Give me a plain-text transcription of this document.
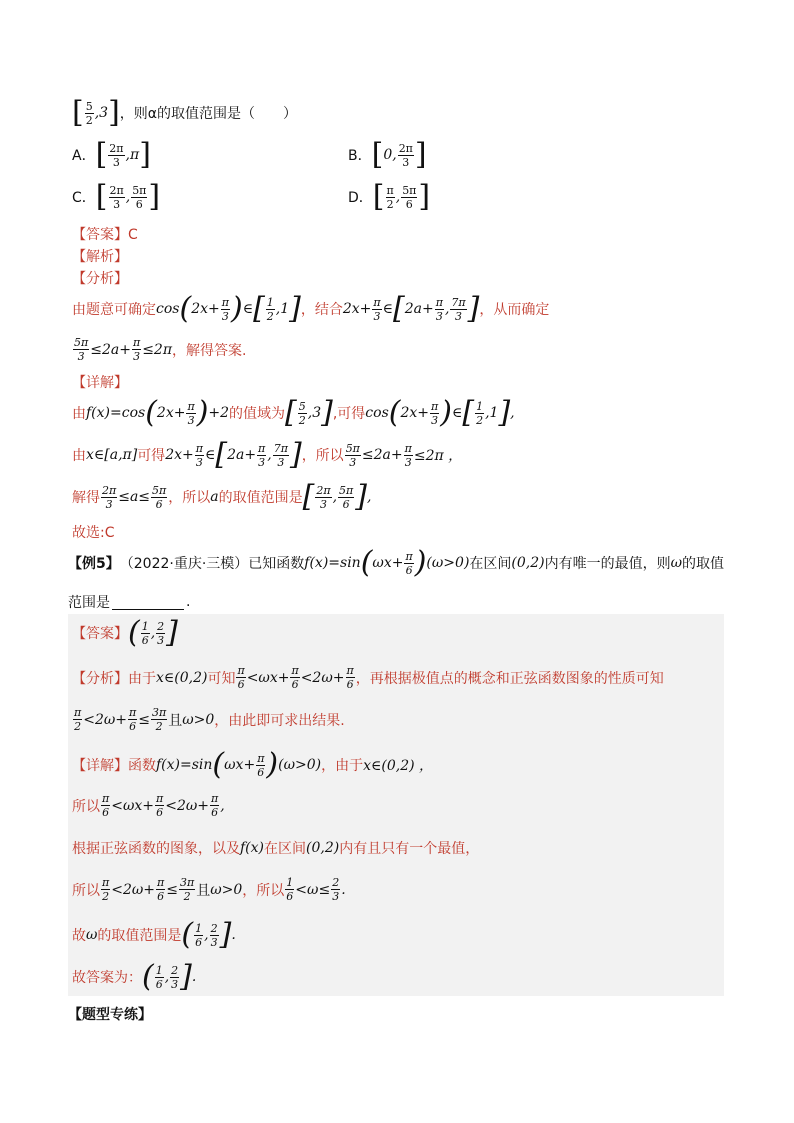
[ $\frac{5}{2} ,3$ ] ，则α的取值范围是（　　）
A． [ $\frac{2\pi}{3} ,\pi$ ]	B． [ 0, $\frac{2\pi}{3}$ ]
C． [ $\frac{2\pi}{3}$ , $\frac{5\pi}{6}$ ]	D． [ $\frac{\pi}{2}$ , $\frac{5\pi}{6}$ ]
【答案】C
【解析】
【分析】
由题意可确定 cos ( $2x+ \frac{\pi}{3}$ ) ∈ [ $\frac{1}{2} ,1$ ] ，结合 $2x+ \frac{\pi}{3}$ ∈ [ $2a+ \frac{\pi}{3}$ , $\frac{7\pi}{3}$ ] ，从而确定
$\frac{5\pi}{3} \le 2a+ \frac{\pi}{3} \le 2\pi$ ，解得答案.
【详解】
由 f(x)=cos ( $2x+ \frac{\pi}{3}$ ) +2 的值域为 [ $\frac{5}{2} ,3$ ] ,可得 cos ( $2x+ \frac{\pi}{3}$ ) ∈ [ $\frac{1}{2} ,1$ ] ,
由 x∈[a,π] 可得 $2x+ \frac{\pi}{3}$ ∈ [ $2a+ \frac{\pi}{3}$ , $\frac{7\pi}{3}$ ] ，所以 $\frac{5\pi}{3} \le 2a+ \frac{\pi}{3} \le 2\pi$ ，
解得 $\frac{2\pi}{3} \le a\le \frac{5\pi}{6}$ ，所以 a 的取值范围是 [ $\frac{2\pi}{3}$ , $\frac{5\pi}{6}$ ] ,
故选:C
【例5】 （2022·重庆·三模）已知函数 f(x)=sin ( $\omega x+ \frac{\pi}{6}$ ) (ω>0) 在区间 (0,2) 内有唯一的最值，则 ω 的取值
范围是	.
【答案】 ( $\frac{1}{6}$ , $\frac{2}{3}$ ]
【分析】 由于 x∈(0,2) 可知 $\frac{\pi}{6} <\omega x+ \frac{\pi}{6} <2\omega+ \frac{\pi}{6}$ ，再根据极值点的概念和正弦函数图象的性质可知
$\frac{\pi}{2} <2\omega+ \frac{\pi}{6} \le \frac{3\pi}{2}$ 且 ω>0 ，由此即可求出结果.
【详解】 函数 f(x)=sin ( $\omega x+ \frac{\pi}{6}$ ) (ω>0) ，由于 x∈(0,2) ，
所以 $\frac{\pi}{6} <\omega x+ \frac{\pi}{6} <2\omega+ \frac{\pi}{6}$ ,
根据正弦函数的图象，以及 f(x) 在区间 (0,2) 内有且只有一个最值，
所以 $\frac{\pi}{2} <2\omega+ \frac{\pi}{6} \le \frac{3\pi}{2}$ 且 ω>0 ，所以 $\frac{1}{6} <\omega\le \frac{2}{3}$ .
故 ω 的取值范围是 ( $\frac{1}{6}$ , $\frac{2}{3}$ ] .
故答案为： ( $\frac{1}{6}$ , $\frac{2}{3}$ ] .
【题型专练】
